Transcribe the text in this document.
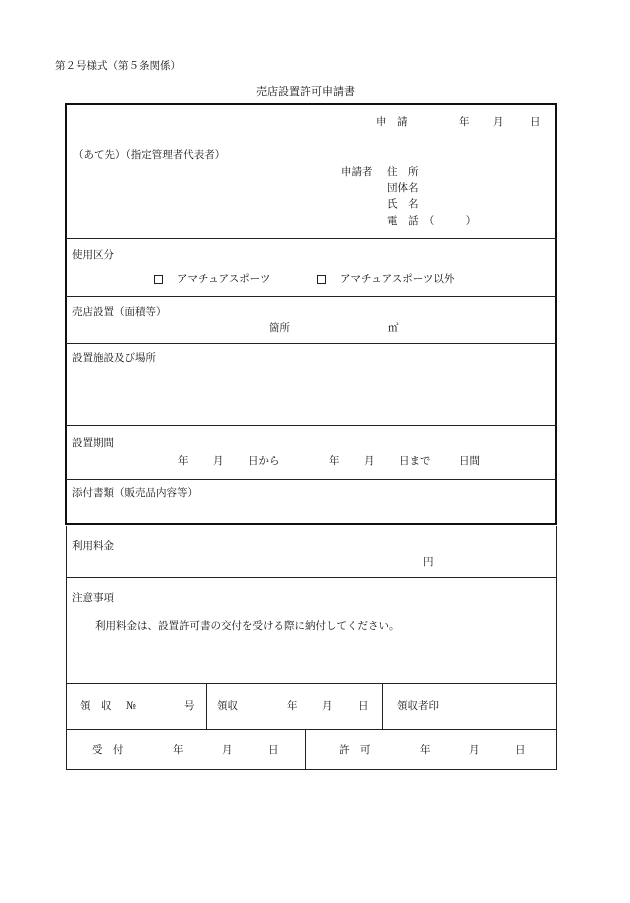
第２号様式（第５条関係）
売店設置許可申請書
申　請	年 月	日
（あて先）（指定管理者代表者）
申請者 住　所
団体名
氏　名
電　話　（　　　）
使用区分
アマチュアスポーツ	アマチュアスポーツ以外
売店設置（面積等）
箇所	㎡
設置施設及び場所
設置期間
年 月 日から	年 月 日まで	日間
添付書類（販売品内容等）
利用料金
円
注意事項
利用料金は、設置許可書の交付を受ける際に納付してください。
領　収 №	号 領収	年 月 日	領収者印
受　付	年	月	日	許　可	年	月	日
